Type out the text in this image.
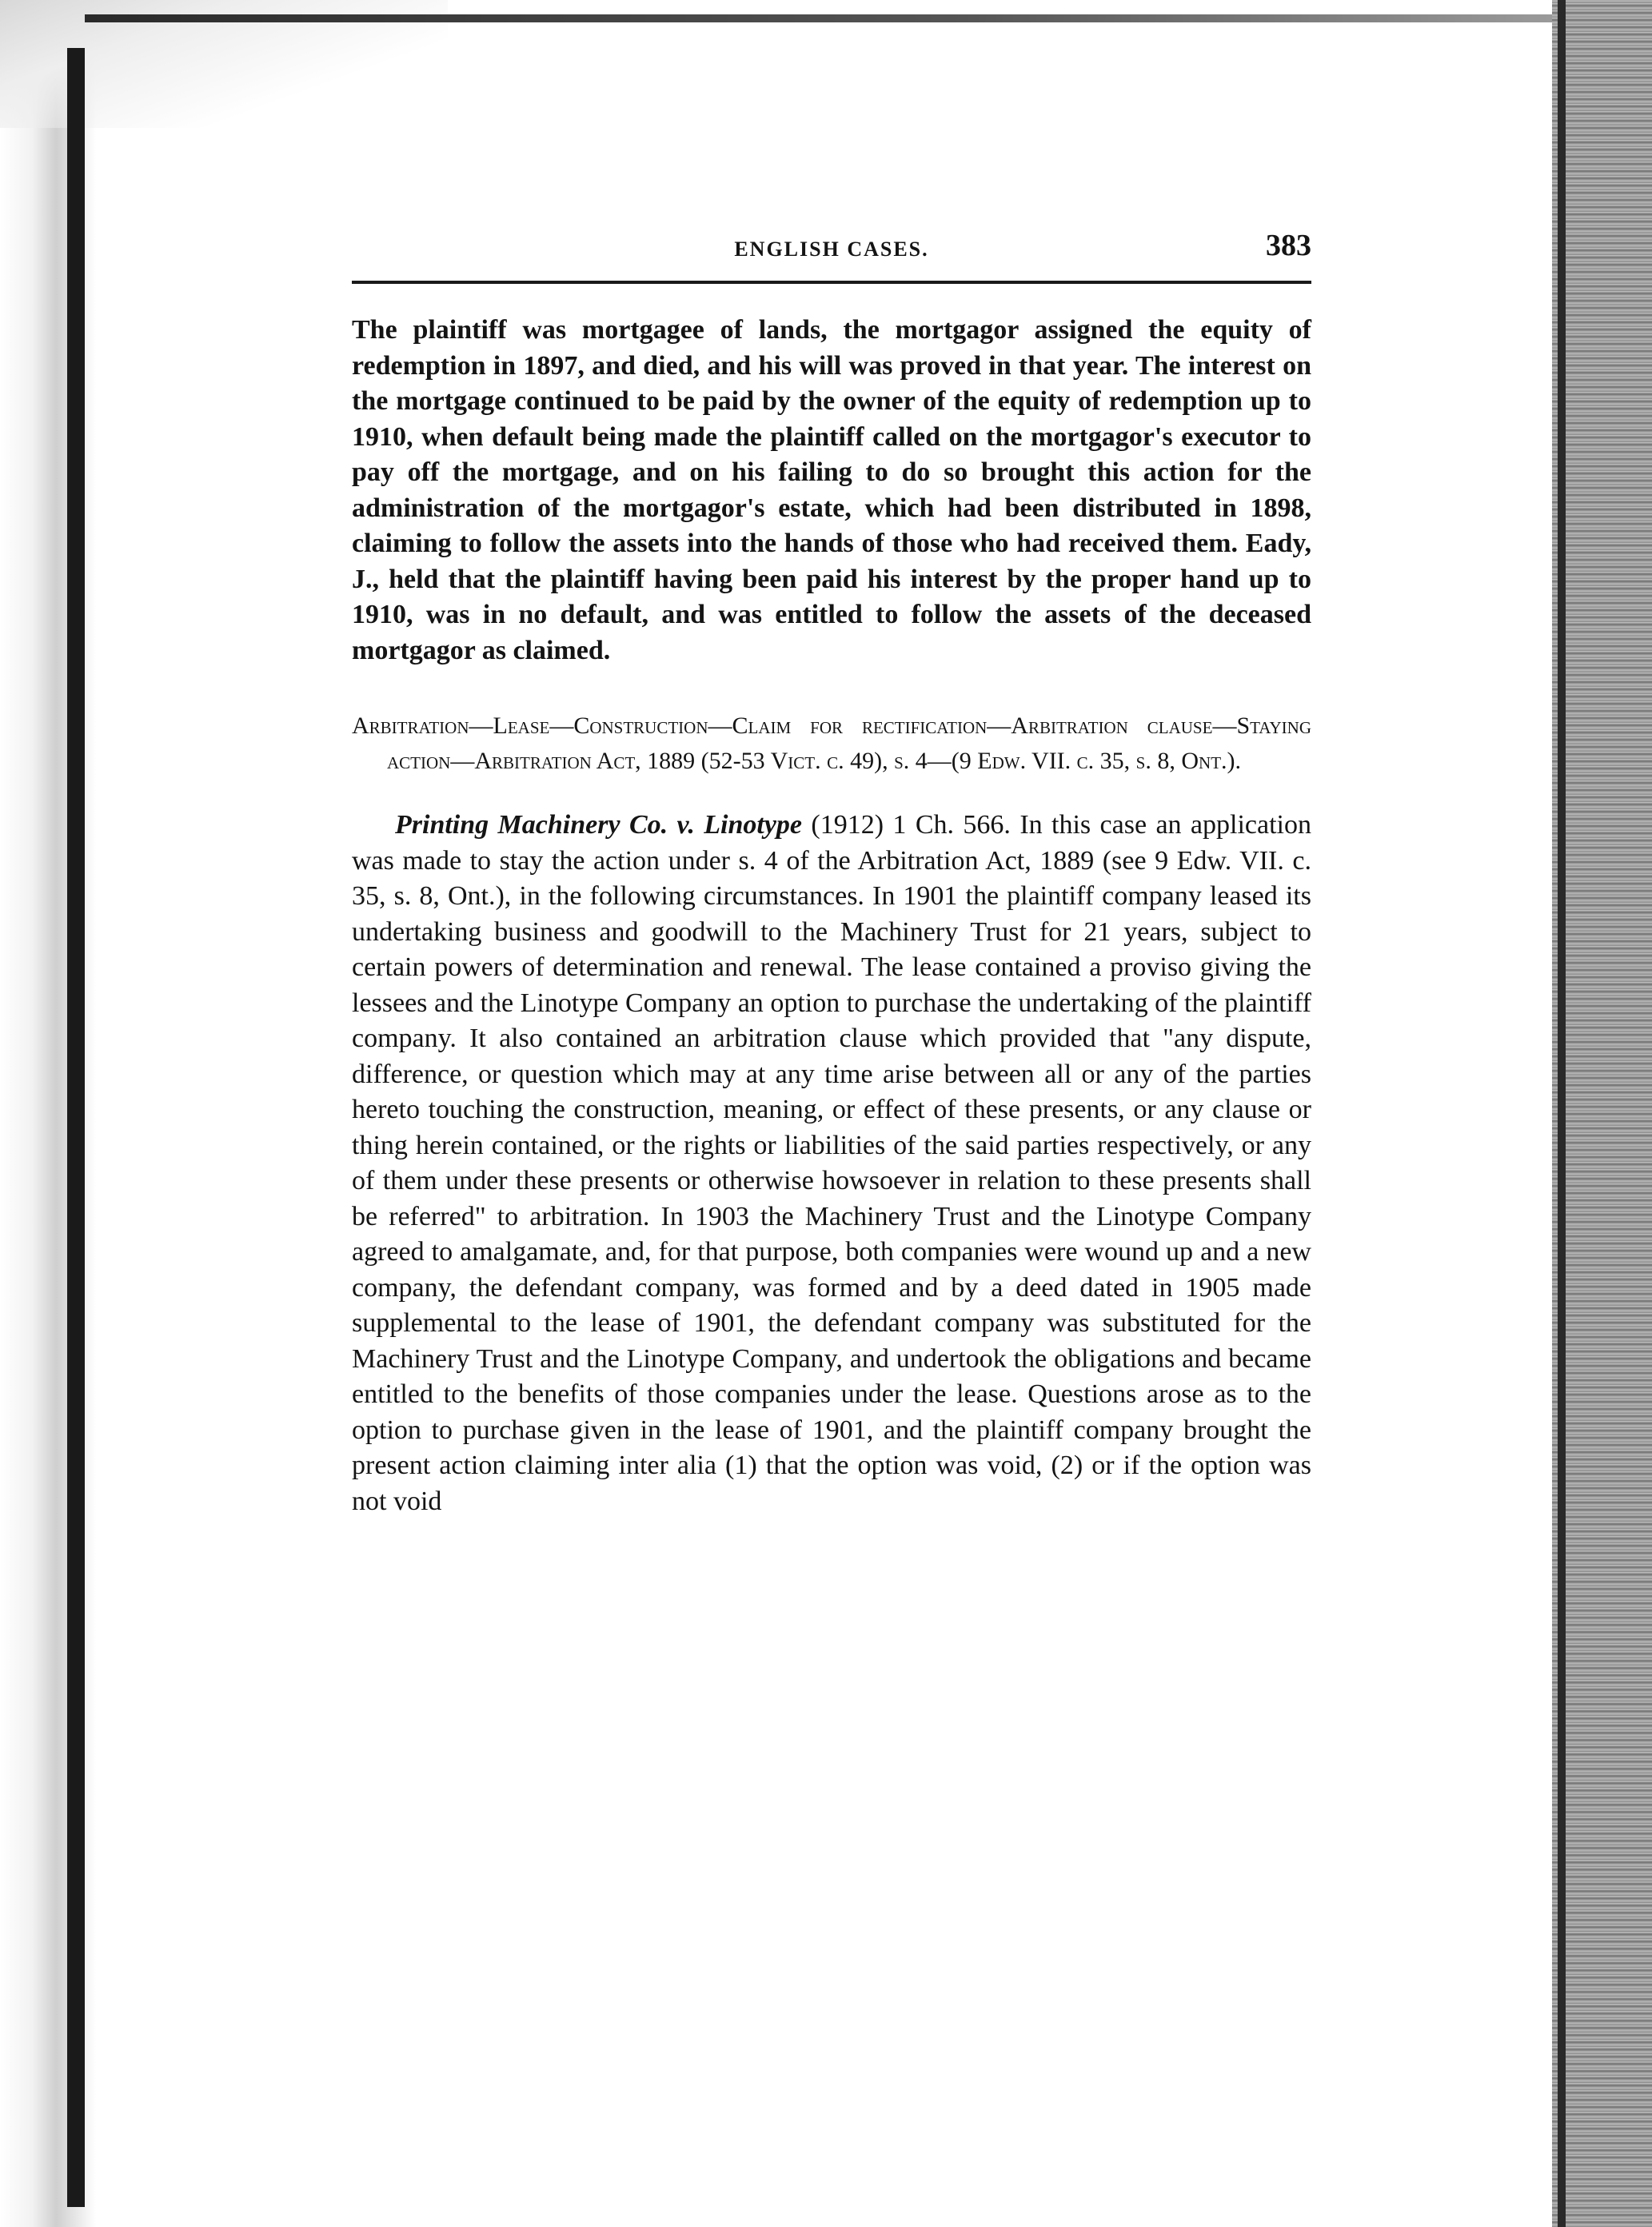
ENGLISH CASES.	383

The plaintiff was mortgagee of lands, the mortgagor assigned the equity of redemption in 1897, and died, and his will was proved in that year. The interest on the mortgage continued to be paid by the owner of the equity of redemption up to 1910, when default being made the plaintiff called on the mortgagor's executor to pay off the mortgage, and on his failing to do so brought this action for the administration of the mortgagor's estate, which had been distributed in 1898, claiming to follow the assets into the hands of those who had received them. Eady, J., held that the plaintiff having been paid his interest by the proper hand up to 1910, was in no default, and was entitled to follow the assets of the deceased mortgagor as claimed.

Arbitration—Lease—Construction—Claim for rectification—Arbitration clause—Staying action—Arbitration Act, 1889 (52-53 Vict. c. 49), s. 4—(9 Edw. VII. c. 35, s. 8, Ont.).

Printing Machinery Co. v. Linotype (1912) 1 Ch. 566. In this case an application was made to stay the action under s. 4 of the Arbitration Act, 1889 (see 9 Edw. VII. c. 35, s. 8, Ont.), in the following circumstances. In 1901 the plaintiff company leased its undertaking business and goodwill to the Machinery Trust for 21 years, subject to certain powers of determination and renewal. The lease contained a proviso giving the lessees and the Linotype Company an option to purchase the undertaking of the plaintiff company. It also contained an arbitration clause which provided that "any dispute, difference, or question which may at any time arise between all or any of the parties hereto touching the construction, meaning, or effect of these presents, or any clause or thing herein contained, or the rights or liabilities of the said parties respectively, or any of them under these presents or otherwise howsoever in relation to these presents shall be referred" to arbitration. In 1903 the Machinery Trust and the Linotype Company agreed to amalgamate, and, for that purpose, both companies were wound up and a new company, the defendant company, was formed and by a deed dated in 1905 made supplemental to the lease of 1901, the defendant company was substituted for the Machinery Trust and the Linotype Company, and undertook the obligations and became entitled to the benefits of those companies under the lease. Questions arose as to the option to purchase given in the lease of 1901, and the plaintiff company brought the present action claiming inter alia (1) that the option was void, (2) or if the option was not void
